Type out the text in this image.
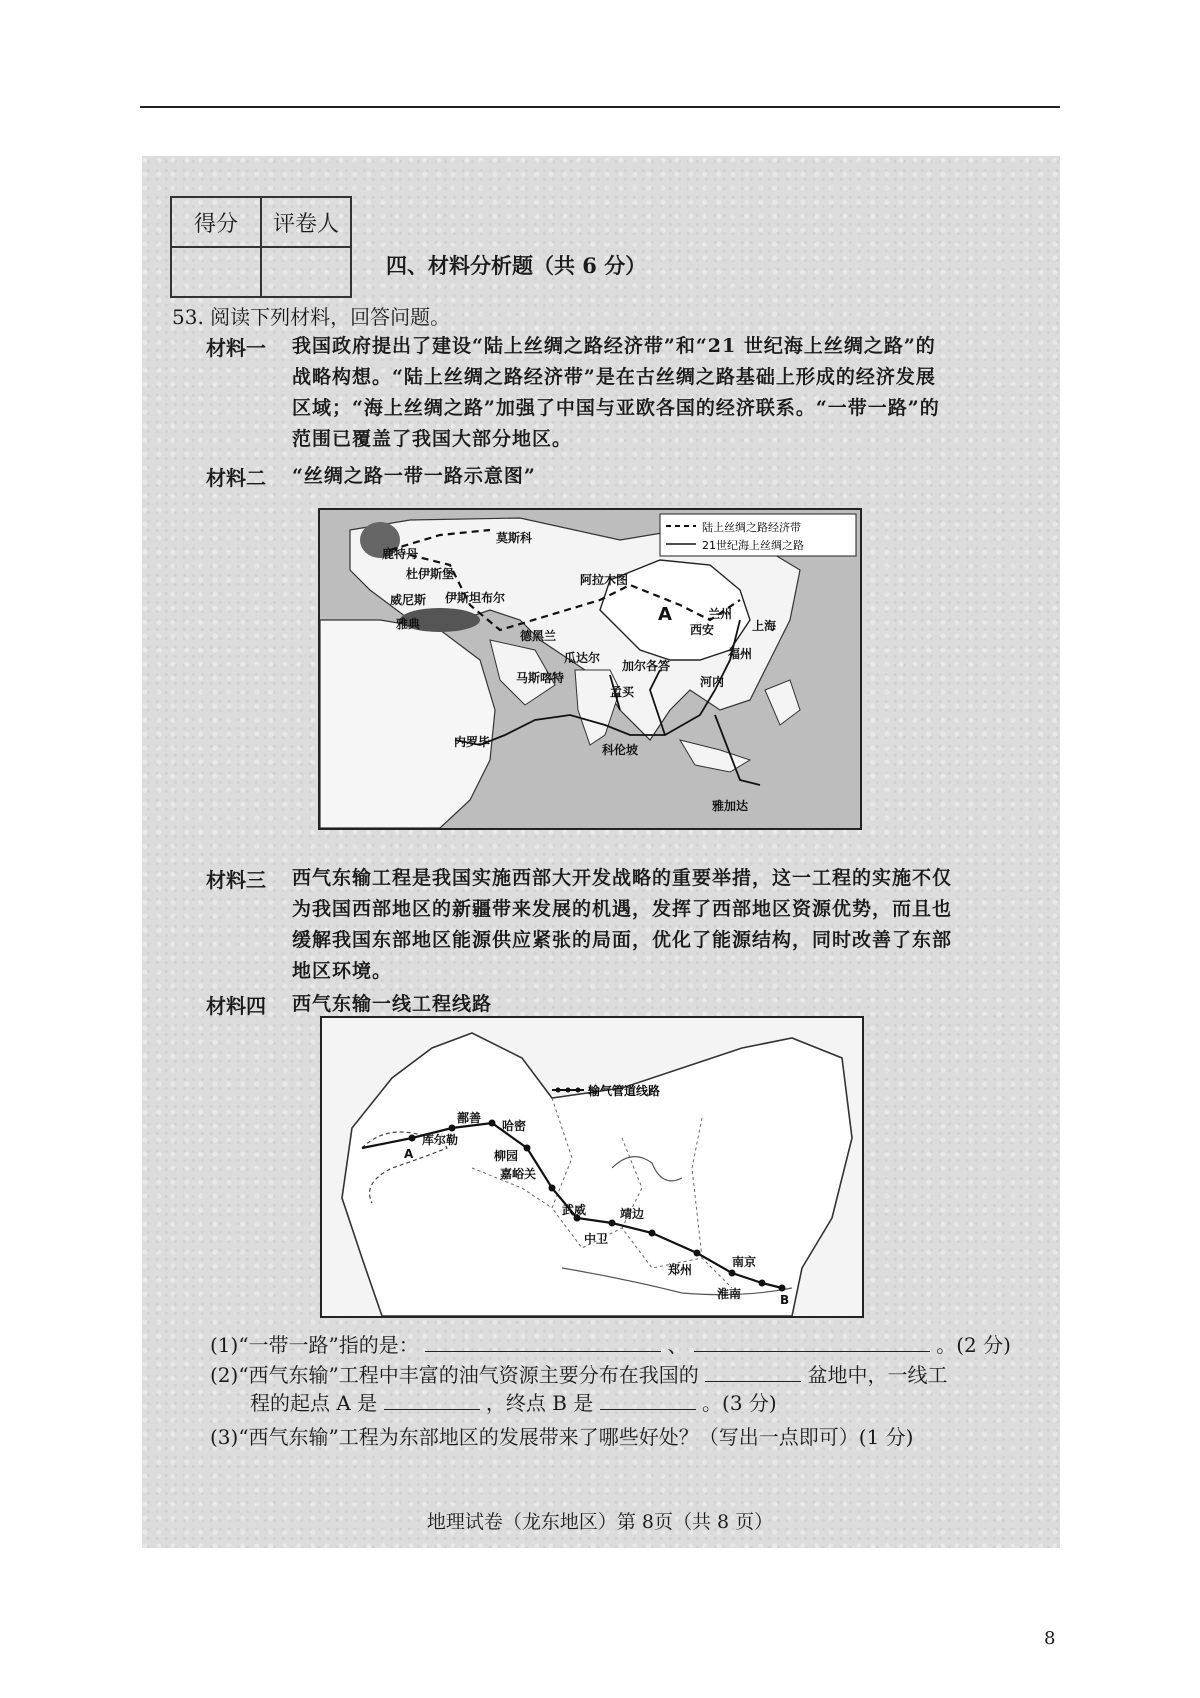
得分	评卷人

四、材料分析题（共 6 分）
53. 阅读下列材料，回答问题。
材料一 我国政府提出了建设“陆上丝绸之路经济带”和“21 世纪海上丝绸之路”的
战略构想。“陆上丝绸之路经济带”是在古丝绸之路基础上形成的经济发展
区域；“海上丝绸之路”加强了中国与亚欧各国的经济联系。“一带一路”的
范围已覆盖了我国大部分地区。
材料二 “丝绸之路一带一路示意图”
陆上丝绸之路经济带
21世纪海上丝绸之路
莫斯科
鹿特丹
杜伊斯堡
威尼斯
雅典
伊斯坦布尔
阿拉木图
A	兰州
西安
福州
上海
德黑兰
瓜达尔
马斯喀特
加尔各答
孟买
河内
科伦坡
内罗毕
雅加达
材料三 西气东输工程是我国实施西部大开发战略的重要举措，这一工程的实施不仅
为我国西部地区的新疆带来发展的机遇，发挥了西部地区资源优势，而且也
缓解我国东部地区能源供应紧张的局面，优化了能源结构，同时改善了东部
地区环境。
材料四 西气东输一线工程线路
输气管道线路
鄯善
哈密
A
库尔勒
柳园
嘉峪关
武威	靖边
中卫
郑州
南京
淮南	B
(1)“一带一路”指的是：	、	。(2 分)
(2)“西气东输”工程中丰富的油气资源主要分布在我国的	盆地中，一线工
程的起点 A 是	，终点 B 是	。(3 分)
(3)“西气东输”工程为东部地区的发展带来了哪些好处？（写出一点即可）(1 分)
地理试卷（龙东地区）第 8页（共 8 页）
8
